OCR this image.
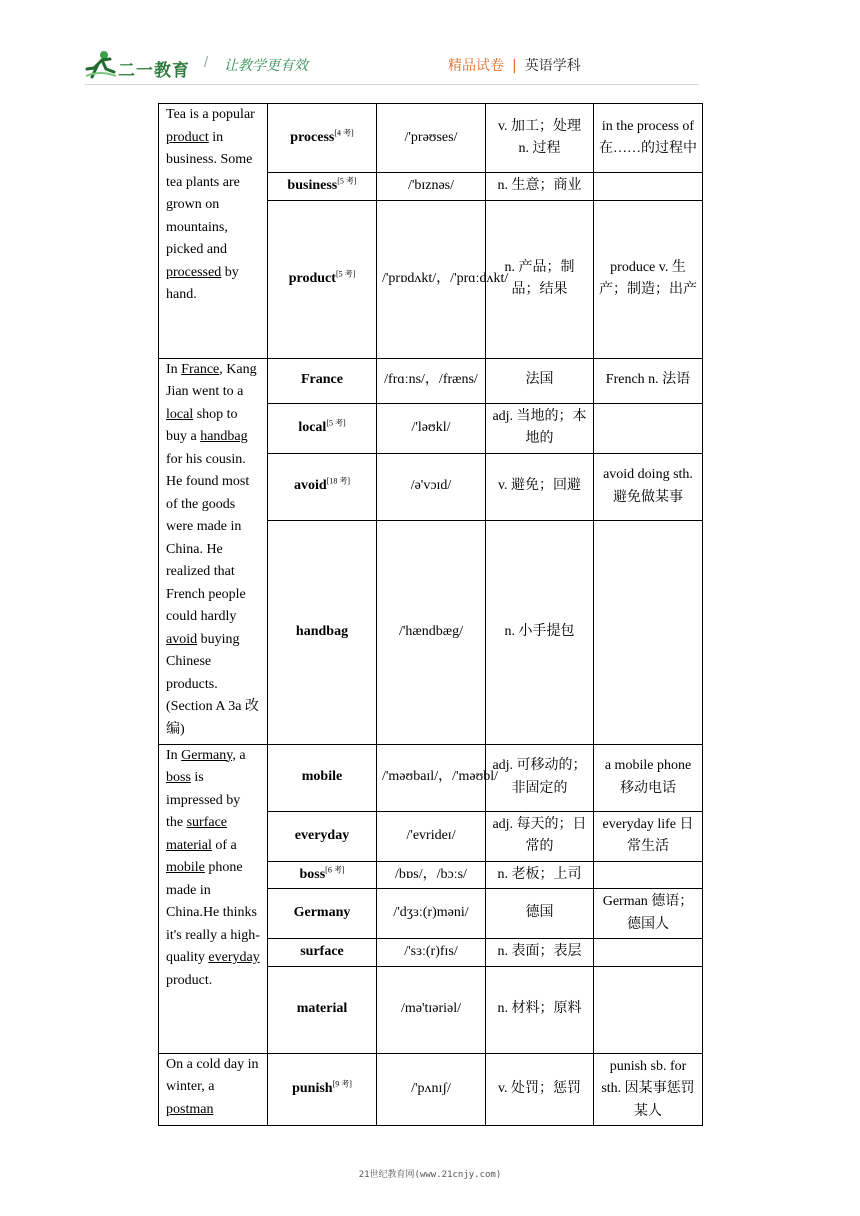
二一教育 / 让教学更有效	精品试卷 | 英语学科
Tea is a popular product in business. Some tea plants are grown on mountains, picked and processed by hand.	process[4 考]	/'prəʊses/	v. 加工；处理 n. 过程	in the process of 在……的过程中
	business[5 考]	/'bɪznəs/	n. 生意；商业	
	product[5 考]	/'prɒdʌkt/，/'prɑːdʌkt/	n. 产品；制品；结果	produce v. 生产；制造；出产
In France, Kang Jian went to a local shop to buy a handbag for his cousin. He found most of the goods were made in China. He realized that French people could hardly avoid buying Chinese products.(Section A 3a 改编)	France	/frɑːns/，/fræns/	法国	French n. 法语
	local[5 考]	/'ləʊkl/	adj. 当地的；本地的	
	avoid[18 考]	/ə'vɔɪd/	v. 避免；回避	avoid doing sth. 避免做某事
	handbag	/'hændbæg/	n. 小手提包	
In Germany, a boss is impressed by the surface material of a mobile phone made in China.He thinks it's really a high-quality everyday product.	mobile	/'məʊbaɪl/，/'məʊbl/	adj. 可移动的；非固定的	a mobile phone 移动电话
	everyday	/'evrideɪ/	adj. 每天的；日常的	everyday life 日常生活
	boss[6 考]	/bɒs/，/bɔːs/	n. 老板；上司	
	Germany	/'dʒɜː(r)məni/	德国	German 德语；德国人
	surface	/'sɜː(r)fɪs/	n. 表面；表层	
	material	/mə'tɪəriəl/	n. 材料；原料	
On a cold day in winter, a postman	punish[9 考]	/'pʌnɪʃ/	v. 处罚；惩罚	punish sb. for sth. 因某事惩罚某人
21世纪教育网(www.21cnjy.com)
